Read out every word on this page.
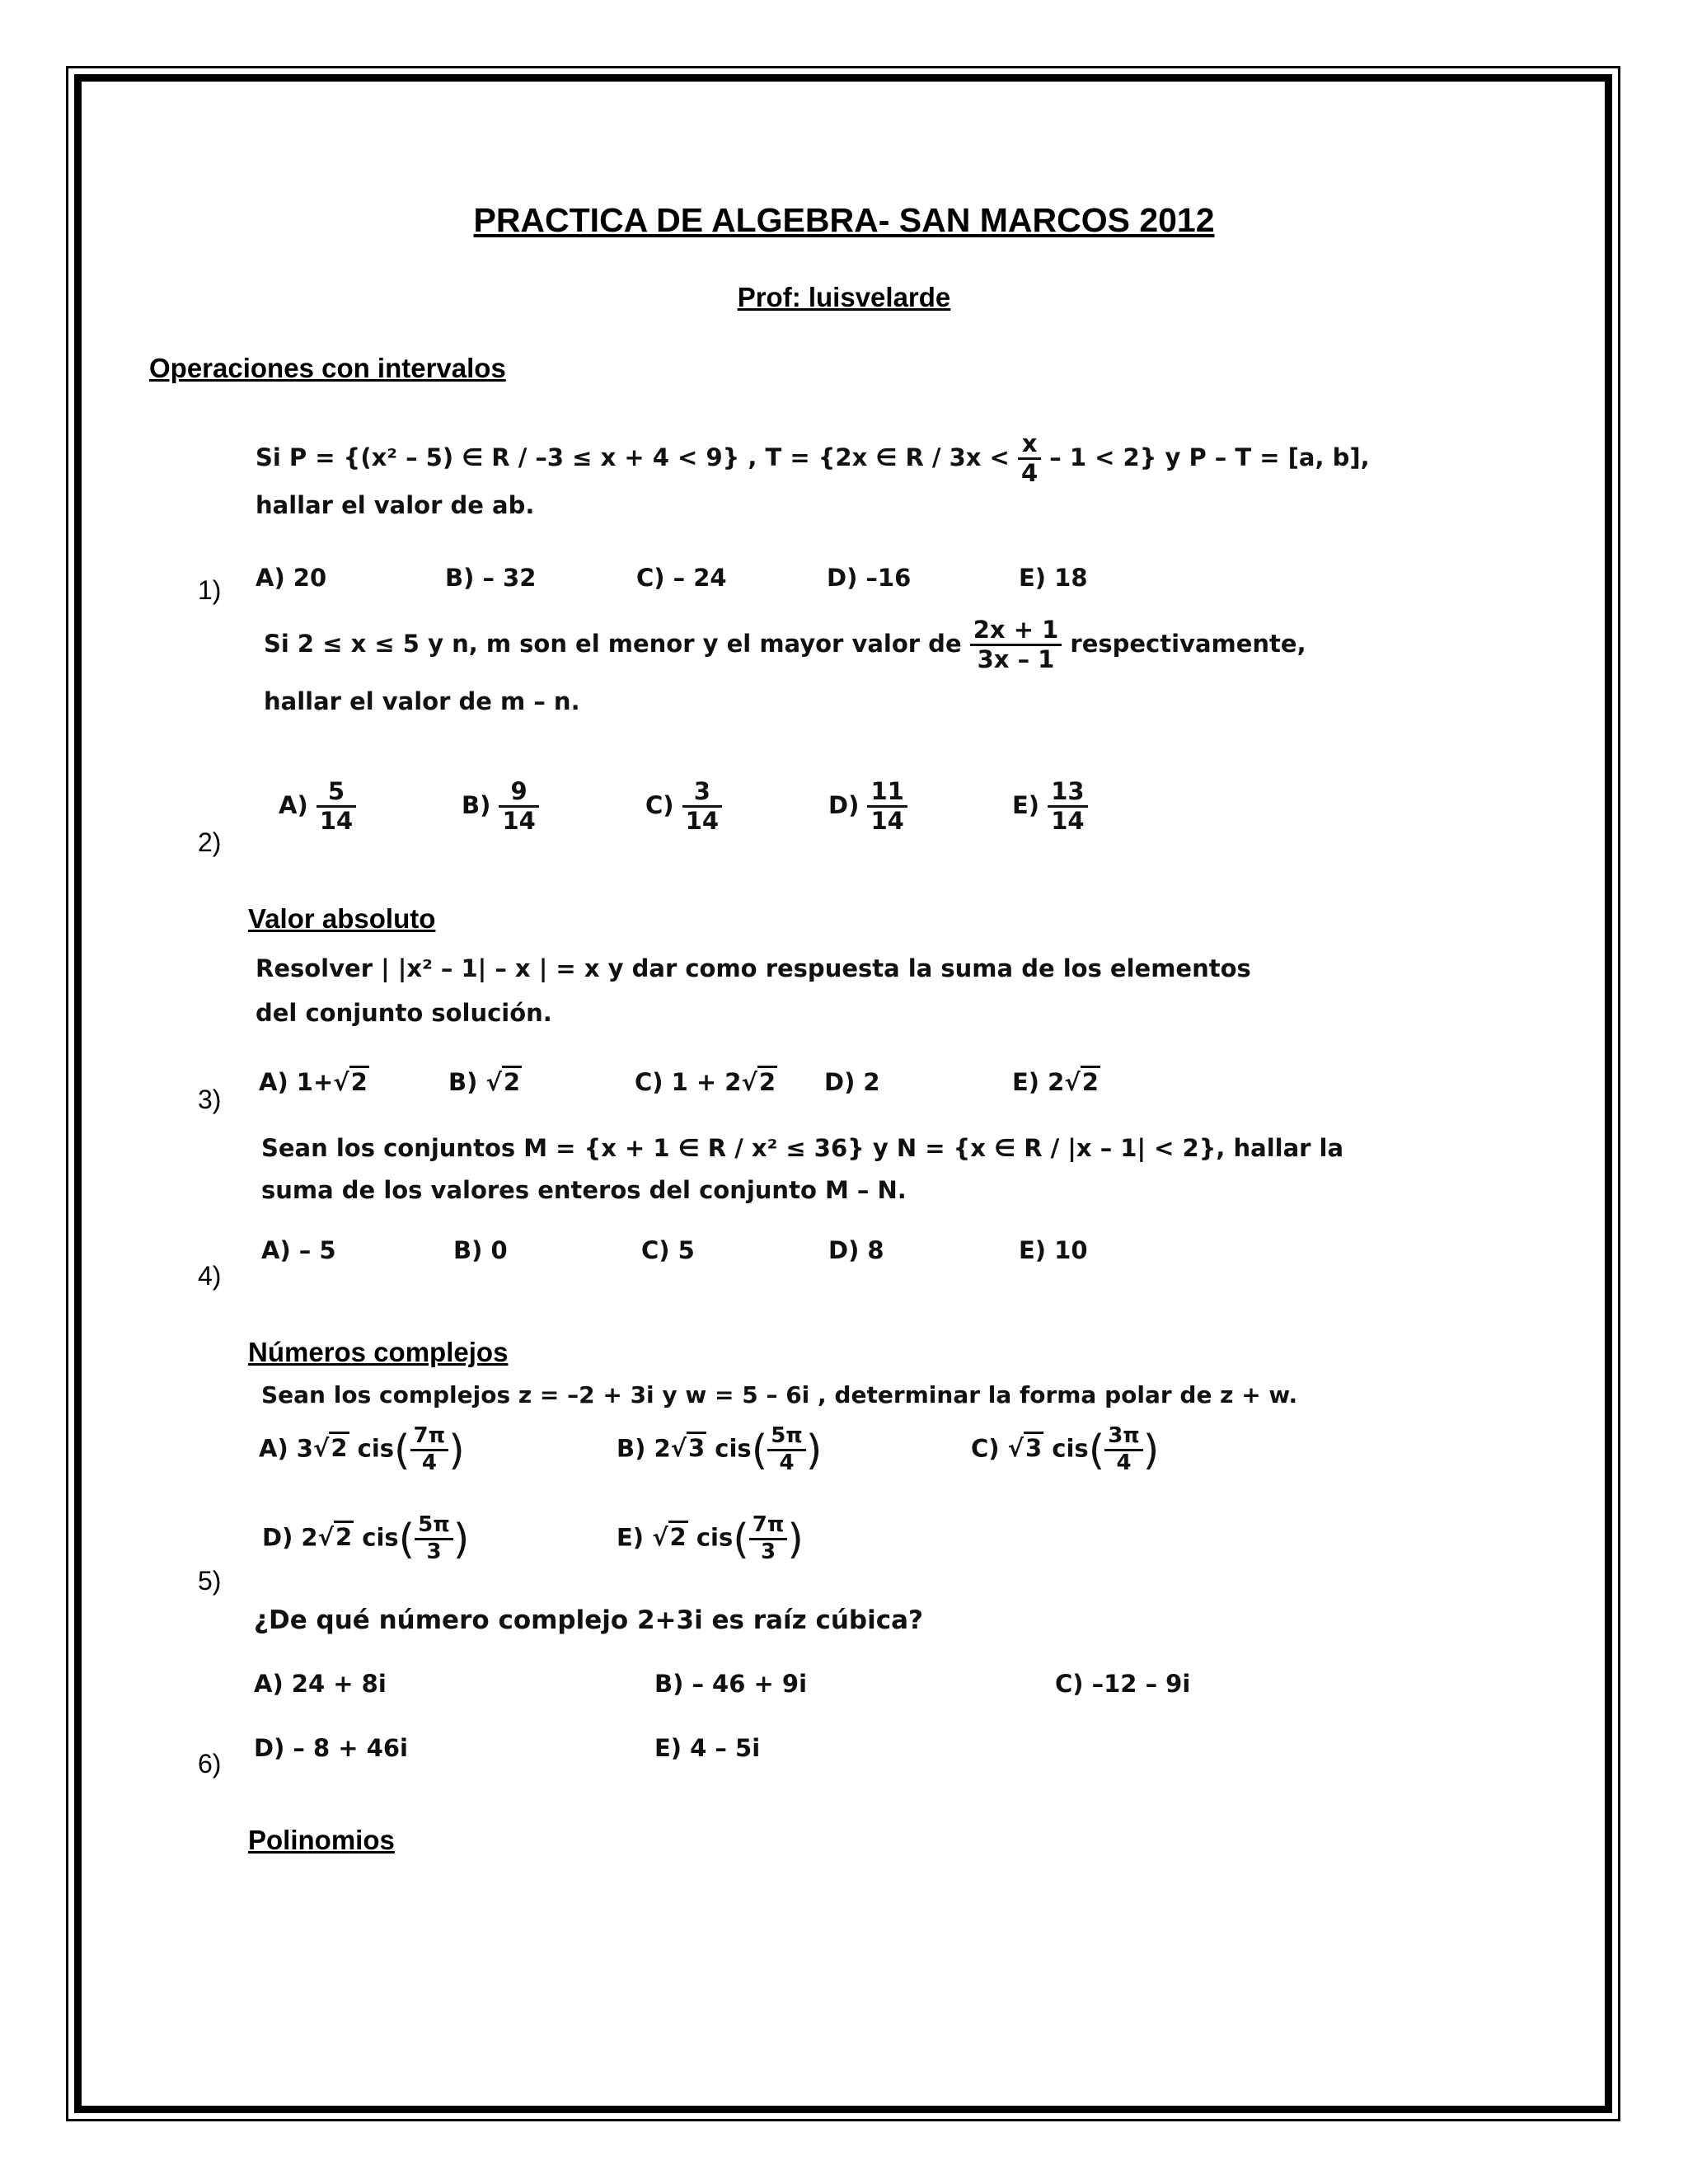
PRACTICA DE ALGEBRA- SAN MARCOS 2012
Prof: luisvelarde
Operaciones con intervalos
Si P = {(x² – 5) ∈ R / –3 ≤ x + 4 < 9} , T = {2x ∈ $R / 3x < \frac{x}{4} - 1 < 2$} y P – T = [a, b],
hallar el valor de ab.
A) 20	B) – 32	C) – 24	D) –16	E) 18
1)
Si 2 ≤ x ≤ 5 y n, m son el menor y el mayor valor de $\frac{2x + 1}{3x - 1}$ respectivamente,
hallar el valor de m – n.
$A) \frac{5}{14}$	$B) \frac{9}{14}$	$C) \frac{3}{14}$	$D) \frac{11}{14}$	$E) \frac{13}{14}$
2)
Valor absoluto
Resolver | |x² – 1| – x | = x y dar como respuesta la suma de los elementos
del conjunto solución.
A) 1+√2	B) √2	C) 1 + 2√2 D) 2	E) 2√2
3)
Sean los conjuntos M = {x + 1 ∈ R / x² ≤ 36} y N = {x ∈ R / |x – 1| < 2}, hallar la
suma de los valores enteros del conjunto M – N.
A) – 5	B) 0	C) 5	D) 8	E) 10
4)
Números complejos
Sean los complejos z = –2 + 3i y w = 5 – 6i , determinar la forma polar de z + w.
A) 3√2 $cis( \frac{7\pi}{4}$ )	B) 2√3 $cis( \frac{5\pi}{4}$ )	C) √3 $cis( \frac{3\pi}{4}$ )
D) 2√2 $cis( \frac{5\pi}{3}$ )	E) √2 $cis( \frac{7\pi}{3}$ )
5)
¿De qué número complejo 2+3i es raíz cúbica?
A) 24 + 8i	B) – 46 + 9i	C) –12 – 9i
D) – 8 + 46i	E) 4 – 5i
6)
Polinomios
